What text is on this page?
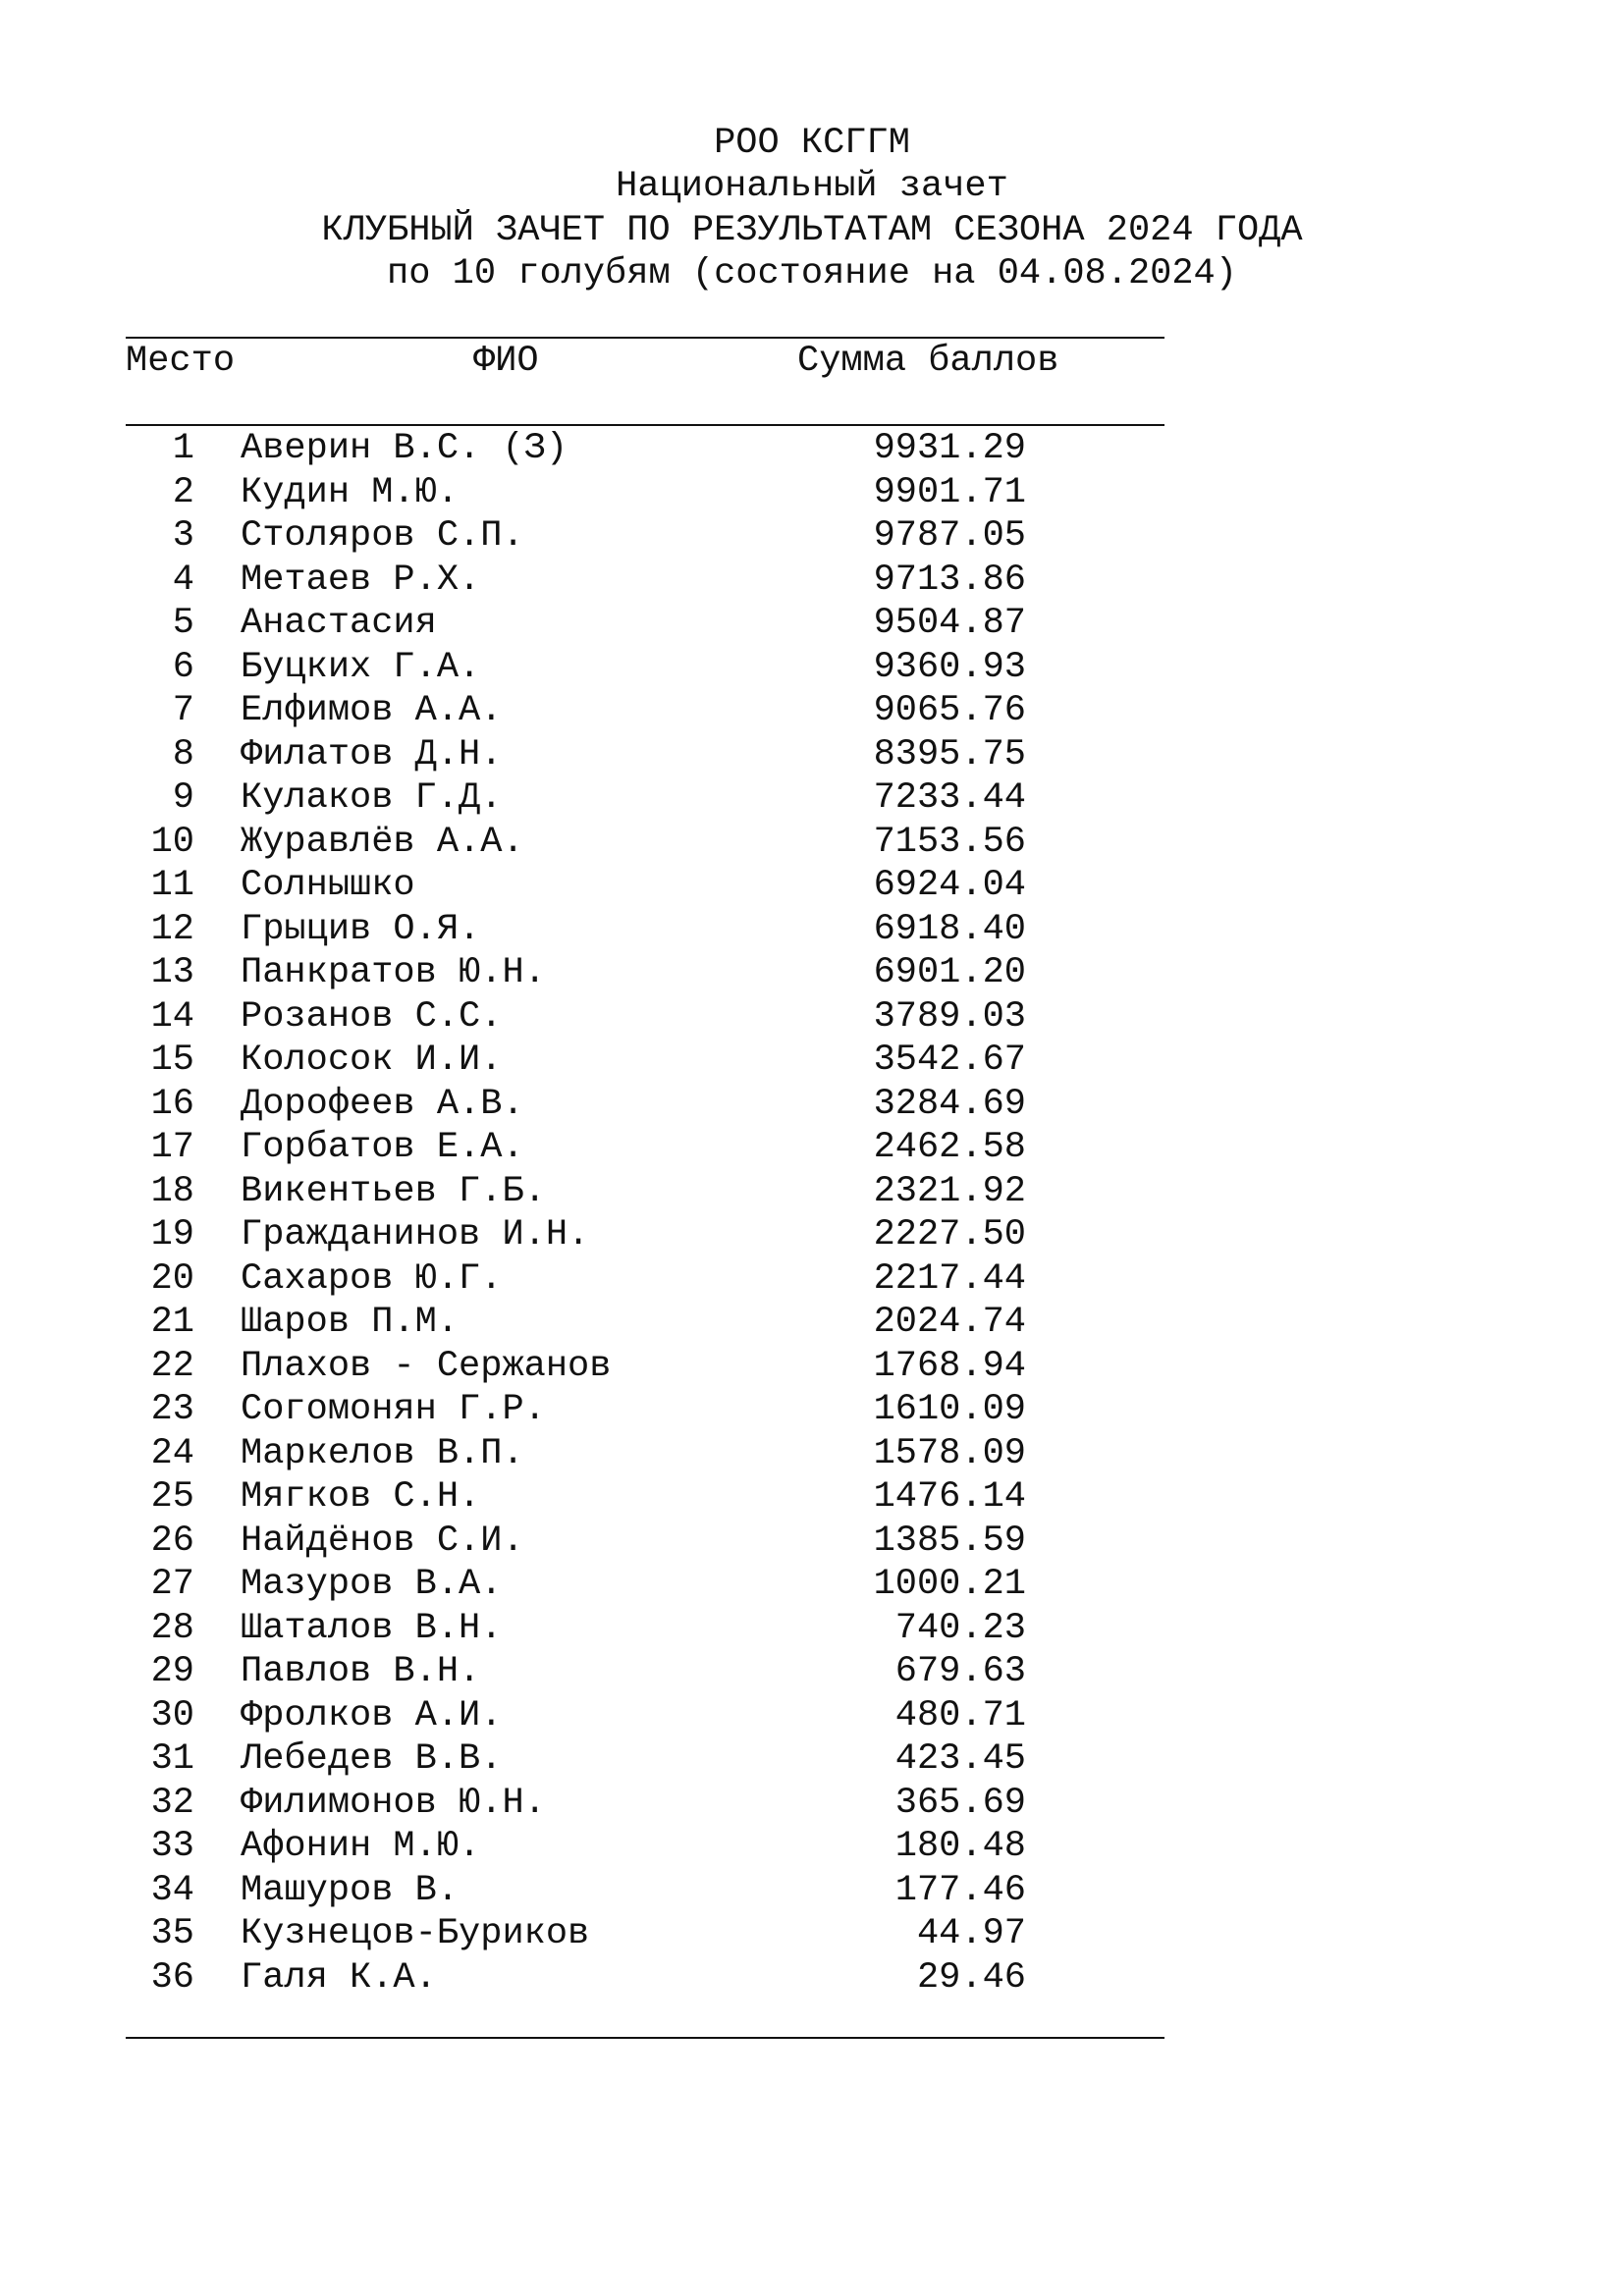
РОО КСГГМ
Национальный зачет
КЛУБНЫЙ ЗАЧЕТ ПО РЕЗУЛЬТАТАМ СЕЗОНА 2024 ГОДА
по 10 голубям (состояние на 04.08.2024)
Место	ФИО	Сумма баллов
1 Аверин В.С. (З)	9931.29
2 Кудин М.Ю.	9901.71
3 Столяров С.П.	9787.05
4 Метаев Р.Х.	9713.86
5 Анастасия	9504.87
6 Буцких Г.А.	9360.93
7 Елфимов А.А.	9065.76
8 Филатов Д.Н.	8395.75
9 Кулаков Г.Д.	7233.44
10 Журавлёв А.А.	7153.56
11 Солнышко	6924.04
12 Грыцив О.Я.	6918.40
13 Панкратов Ю.Н.	6901.20
14 Розанов С.С.	3789.03
15 Колосок И.И.	3542.67
16 Дорофеев А.В.	3284.69
17 Горбатов Е.А.	2462.58
18 Викентьев Г.Б.	2321.92
19 Гражданинов И.Н.	2227.50
20 Сахаров Ю.Г.	2217.44
21 Шаров П.М.	2024.74
22 Плахов - Сержанов	1768.94
23 Согомонян Г.Р.	1610.09
24 Маркелов В.П.	1578.09
25 Мягков С.Н.	1476.14
26 Найдёнов С.И.	1385.59
27 Мазуров В.А.	1000.21
28 Шаталов В.Н.	740.23
29 Павлов В.Н.	679.63
30 Фролков А.И.	480.71
31 Лебедев В.В.	423.45
32 Филимонов Ю.Н.	365.69
33 Афонин М.Ю.	180.48
34 Машуров В.	177.46
35 Кузнецов-Буриков	44.97
36 Галя К.А.	29.46
